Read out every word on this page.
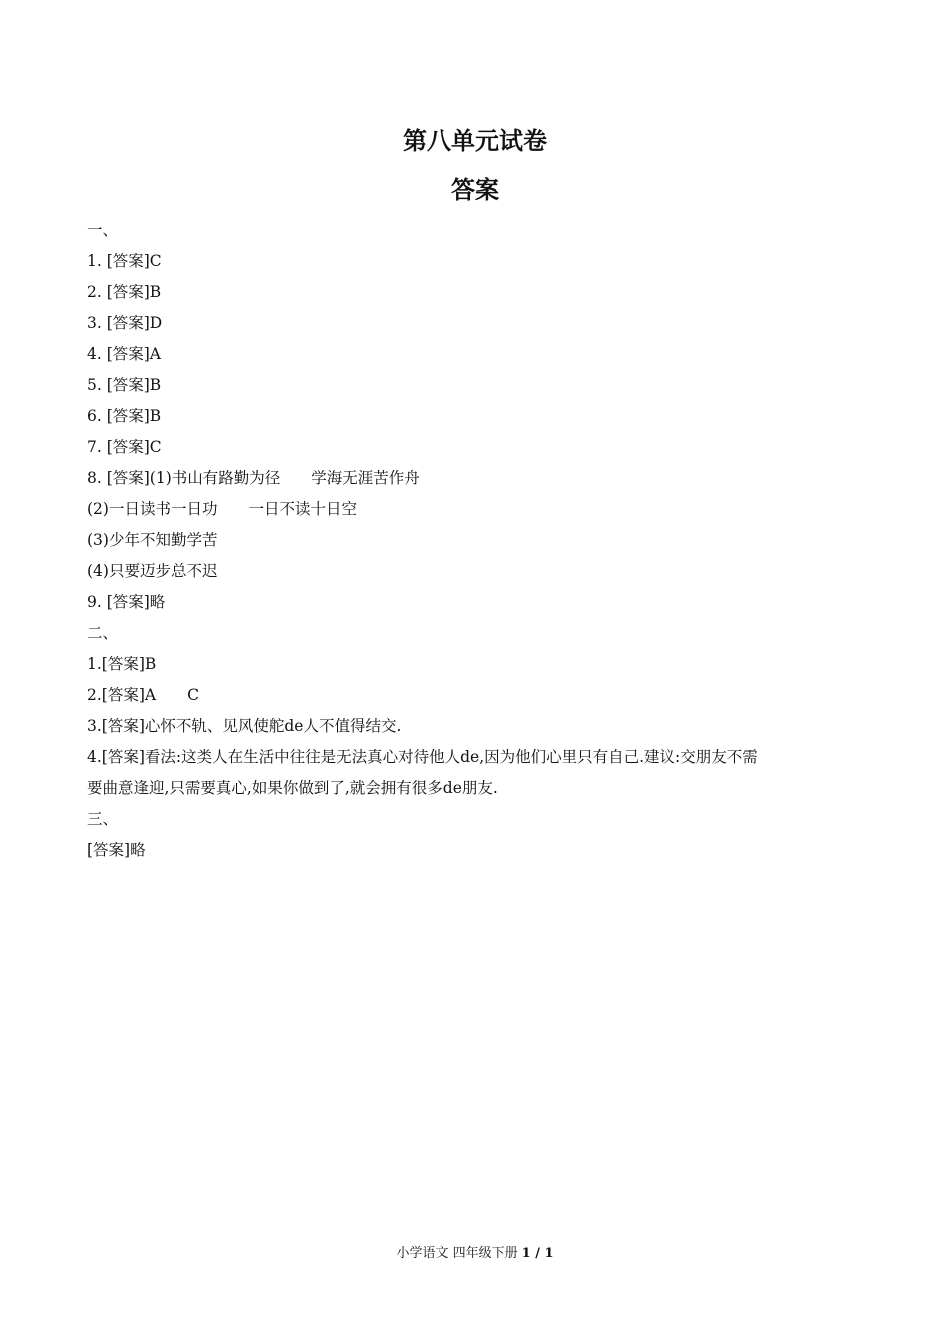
第八单元试卷
答案
一、
1. [答案]C
2. [答案]B
3. [答案]D
4. [答案]A
5. [答案]B
6. [答案]B
7. [答案]C
8. [答案](1)书山有路勤为径　　学海无涯苦作舟
(2)一日读书一日功　　一日不读十日空
(3)少年不知勤学苦
(4)只要迈步总不迟
9. [答案]略
二、
1.[答案]B
2.[答案]A　　C
3.[答案]心怀不轨、见风使舵de人不值得结交.
4.[答案]看法:这类人在生活中往往是无法真心对待他人de,因为他们心里只有自己.建议:交朋友不需
要曲意逢迎,只需要真心,如果你做到了,就会拥有很多de朋友.
三、
[答案]略
小学语文 四年级下册 1 / 1
